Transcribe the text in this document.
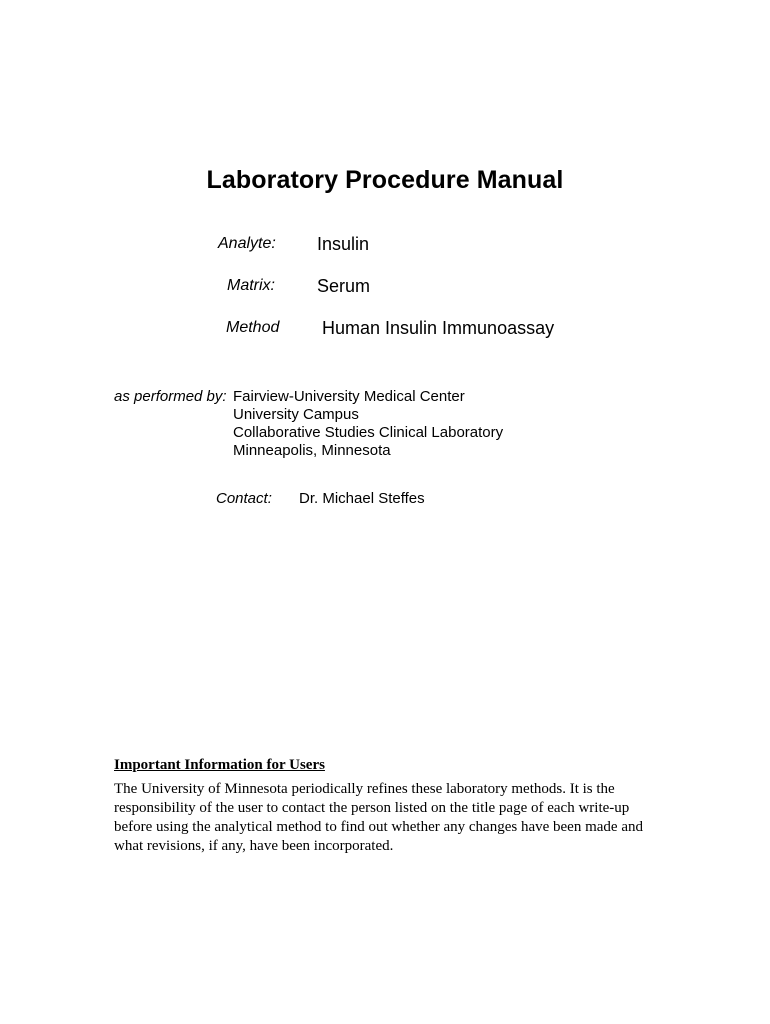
Laboratory Procedure Manual
Analyte: Insulin
Matrix: Serum
Method Human Insulin Immunoassay
as performed by: Fairview-University Medical Center
University Campus
Collaborative Studies Clinical Laboratory
Minneapolis, Minnesota
Contact: Dr. Michael Steffes
Important Information for Users
The University of Minnesota periodically refines these laboratory methods. It is the
responsibility of the user to contact the person listed on the title page of each write-up
before using the analytical method to find out whether any changes have been made and
what revisions, if any, have been incorporated.
